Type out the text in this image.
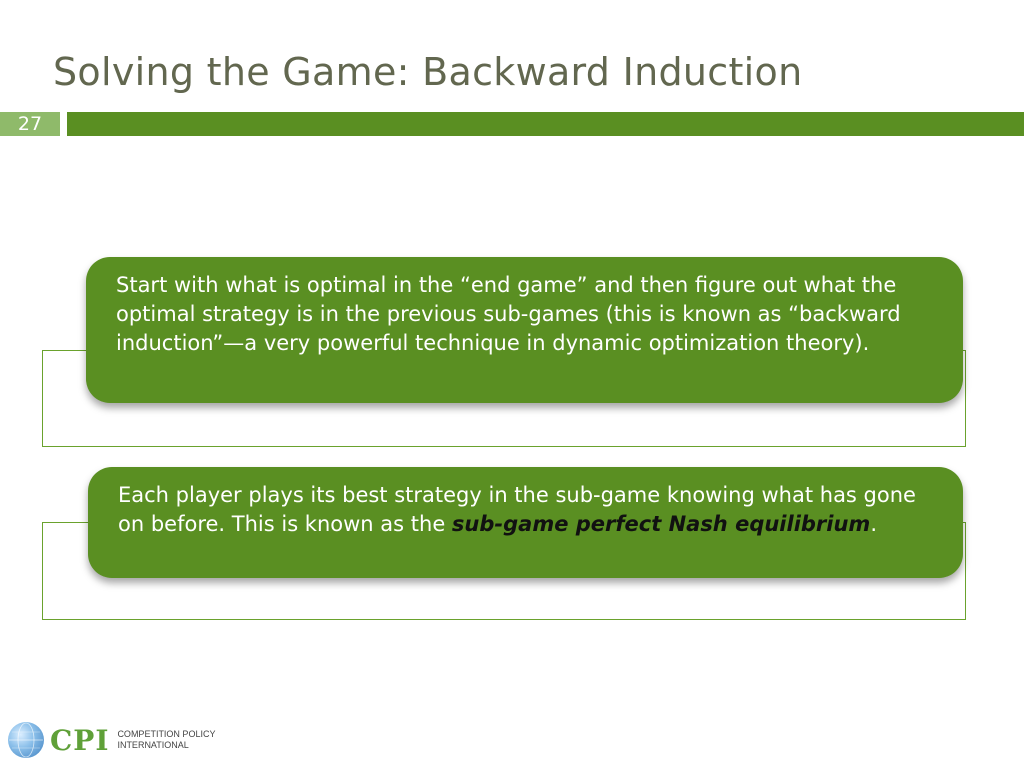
Solving the Game: Backward Induction
27
Start with what is optimal in the “end game” and then figure out what the optimal strategy is in the previous sub-games (this is known as “backward induction”—a very powerful technique in dynamic optimization theory).
Each player plays its best strategy in the sub-game knowing what has gone on before. This is known as the sub-game perfect Nash equilibrium.
CPI COMPETITION POLICY
INTERNATIONAL
